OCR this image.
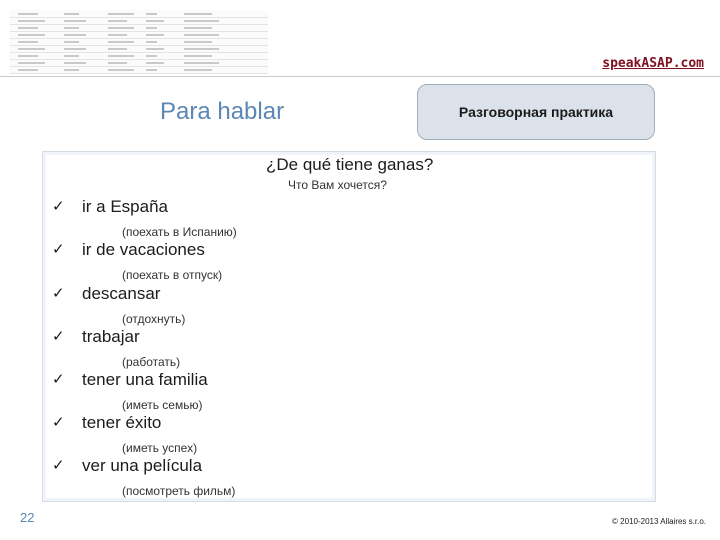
speakASAP.com
Para hablar	Разговорная практика
¿De qué tiene ganas?
Что Вам хочется?
✓	ir a España
(поехать в Испанию)
✓	ir de vacaciones
(поехать в отпуск)
✓	descansar
(отдохнуть)
✓	trabajar
(работать)
✓	tener una familia
(иметь семью)
✓	tener éxito
(иметь успех)
✓	ver una película
(посмотреть фильм)
22	© 2010-2013 Allaires s.r.o.
